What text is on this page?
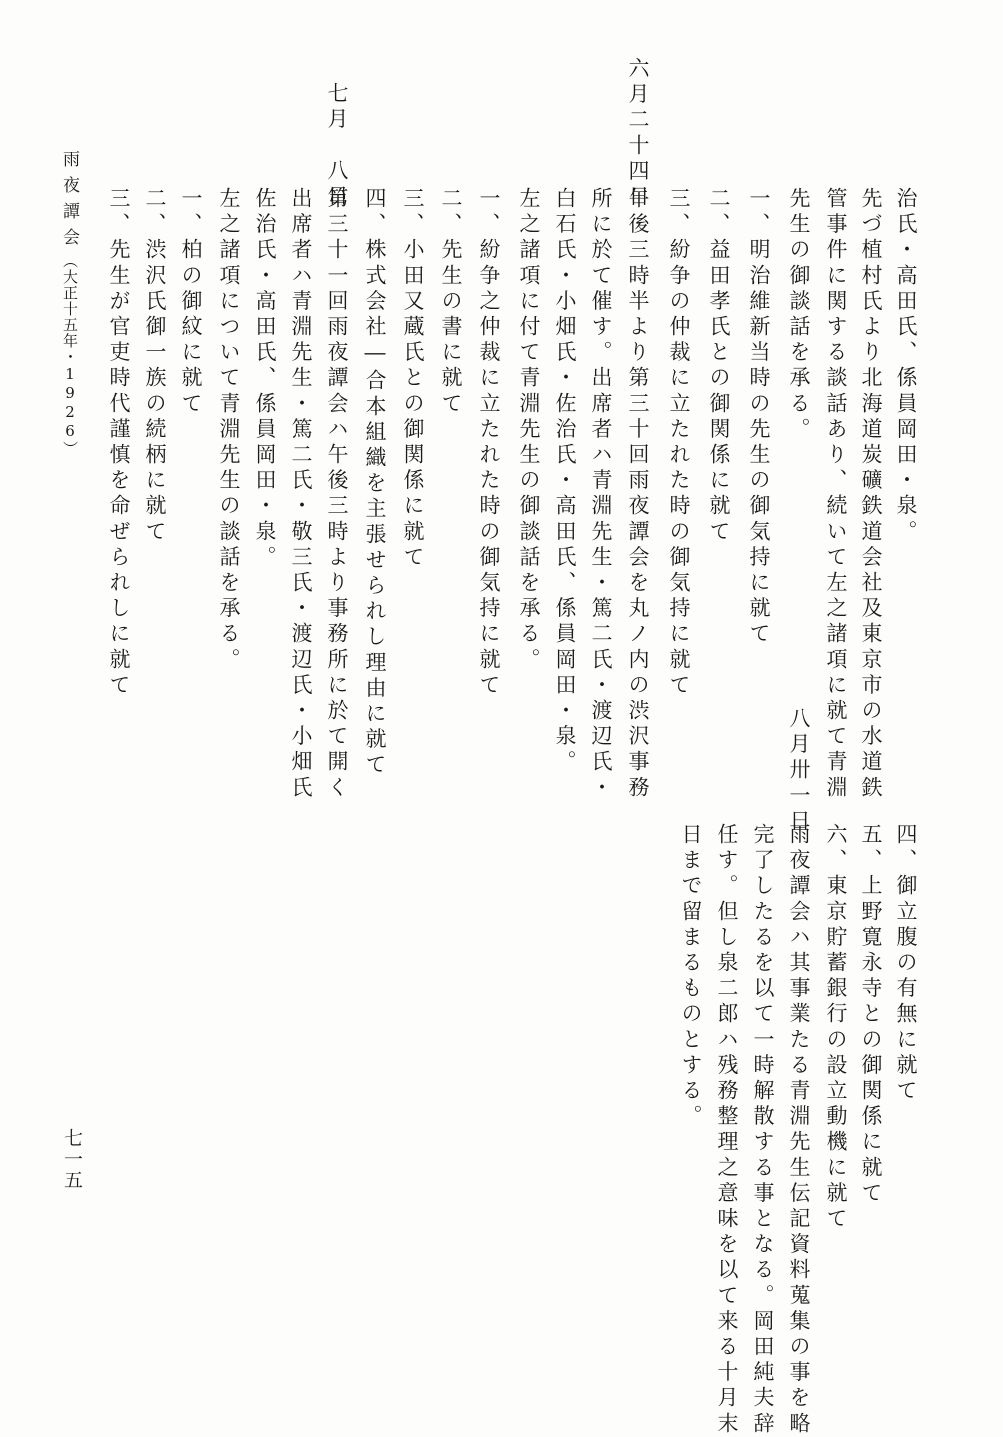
治氏・高田氏、係員岡田・泉。
先づ植村氏より北海道炭礦鉄道会社及東京市の水道鉄
管事件に関する談話あり、続いて左之諸項に就て青淵
先生の御談話を承る。
一、明治維新当時の先生の御気持に就て
二、益田孝氏との御関係に就て
三、紛争の仲裁に立たれた時の御気持に就て
六月二十四日
午後三時半より第三十回雨夜譚会を丸ノ内の渋沢事務
所に於て催す。出席者ハ青淵先生・篤二氏・渡辺氏・
白石氏・小畑氏・佐治氏・高田氏、係員岡田・泉。
左之諸項に付て青淵先生の御談話を承る。
一、紛争之仲裁に立たれた時の御気持に就て
二、先生の書に就て
三、小田又蔵氏との御関係に就て
四、株式会社―合本組織を主張せられし理由に就て
七月　八日
第三十一回雨夜譚会ハ午後三時より事務所に於て開く
出席者ハ青淵先生・篤二氏・敬三氏・渡辺氏・小畑氏
佐治氏・高田氏、係員岡田・泉。
左之諸項について青淵先生の談話を承る。
一、柏の御紋に就て
二、渋沢氏御一族の続柄に就て
三、先生が官吏時代謹慎を命ぜられしに就て
雨夜譚会
（大正十五年・1926）
四、御立腹の有無に就て
五、上野寛永寺との御関係に就て
六、東京貯蓄銀行の設立動機に就て
八月卅一日
雨夜譚会ハ其事業たる青淵先生伝記資料蒐集の事を略
完了したるを以て一時解散する事となる。岡田純夫辞
任す。但し泉二郎ハ残務整理之意味を以て来る十月末
日まで留まるものとする。
七一五
